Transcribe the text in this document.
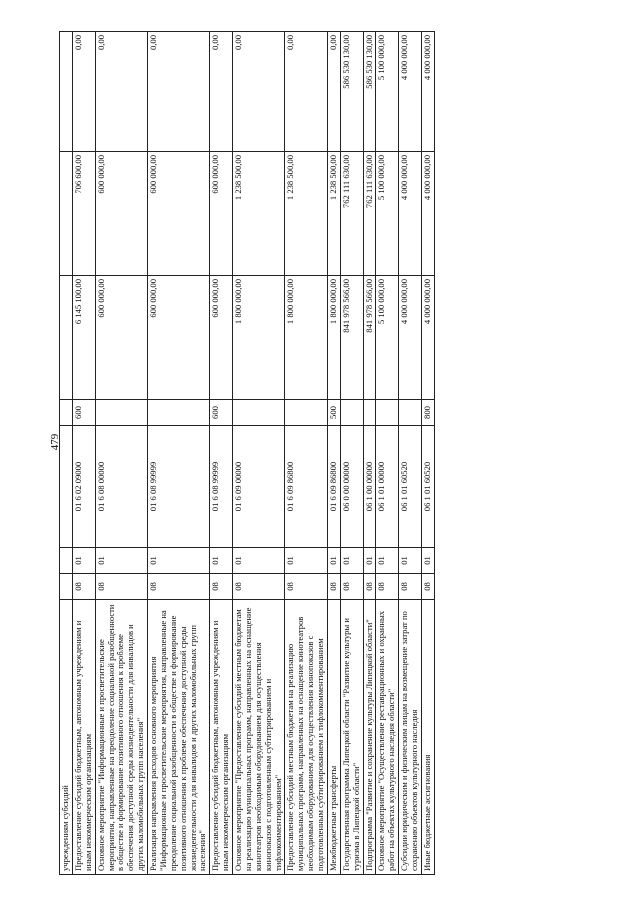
479
учреждениям субсидий							
Предоставление субсидий бюджетным, автономным учреждениям и иным некоммерческим организациям	08	01	01 6 02 09000	600	6 145 100,00	706 600,00	0,00
Основное мероприятие "Информационные и просветительские мероприятия, направленные на преодоление социальной разобщенности в обществе и формирование позитивного отношения к проблеме обеспечения доступной среды жизнедеятельности для инвалидов и других маломобильных групп населения"	08	01	01 6 08 00000		600 000,00	600 000,00	0,00
Реализация направления расходов основного мероприятия "Информационные и просветительские мероприятия, направленные на преодоление социальной разобщенности в обществе и формирование позитивного отношения к проблеме обеспечения доступной среды жизнедеятельности для инвалидов и других маломобильных групп населения"	08	01	01 6 08 99999		600 000,00	600 000,00	0,00
Предоставление субсидий бюджетным, автономным учреждениям и иным некоммерческим организациям	08	01	01 6 08 99999	600	600 000,00	600 000,00	0,00
Основное мероприятие "Предоставление субсидий местным бюджетам на реализацию муниципальных программ, направленных на оснащение кинотеатров необходимым оборудованием для осуществления кинопоказов с подготовленным субтитрированием и тифлокомментированием"	08	01	01 6 09 00000		1 800 000,00	1 238 500,00	0,00
Предоставление субсидий местным бюджетам на реализацию муниципальных программ, направленных на оснащение кинотеатров необходимым оборудованием для осуществления кинопоказов с подготовленным субтитрированием и тифлокомментированием	08	01	01 6 09 86800		1 800 000,00	1 238 500,00	0,00
Межбюджетные трансферты	08	01	01 6 09 86800	500	1 800 000,00	1 238 500,00	0,00
Государственная программа Липецкой области "Развитие культуры и туризма в Липецкой области"	08	01	06 0 00 00000		841 978 566,00	762 111 630,00	586 530 130,00
Подпрограмма "Развитие и сохранение культуры Липецкой области"	08	01	06 1 00 00000		841 978 566,00	762 111 630,00	586 530 130,00
Основное мероприятие "Осуществление реставрационных и охранных работ на объектах культурного наследия области"	08	01	06 1 01 00000		5 100 000,00	5 100 000,00	5 100 000,00
Субсидии юридическим и физическим лицам на возмещение затрат по сохранению объектов культурного наследия	08	01	06 1 01 60520		4 000 000,00	4 000 000,00	4 000 000,00
Иные бюджетные ассигнования	08	01	06 1 01 60520	800	4 000 000,00	4 000 000,00	4 000 000,00
